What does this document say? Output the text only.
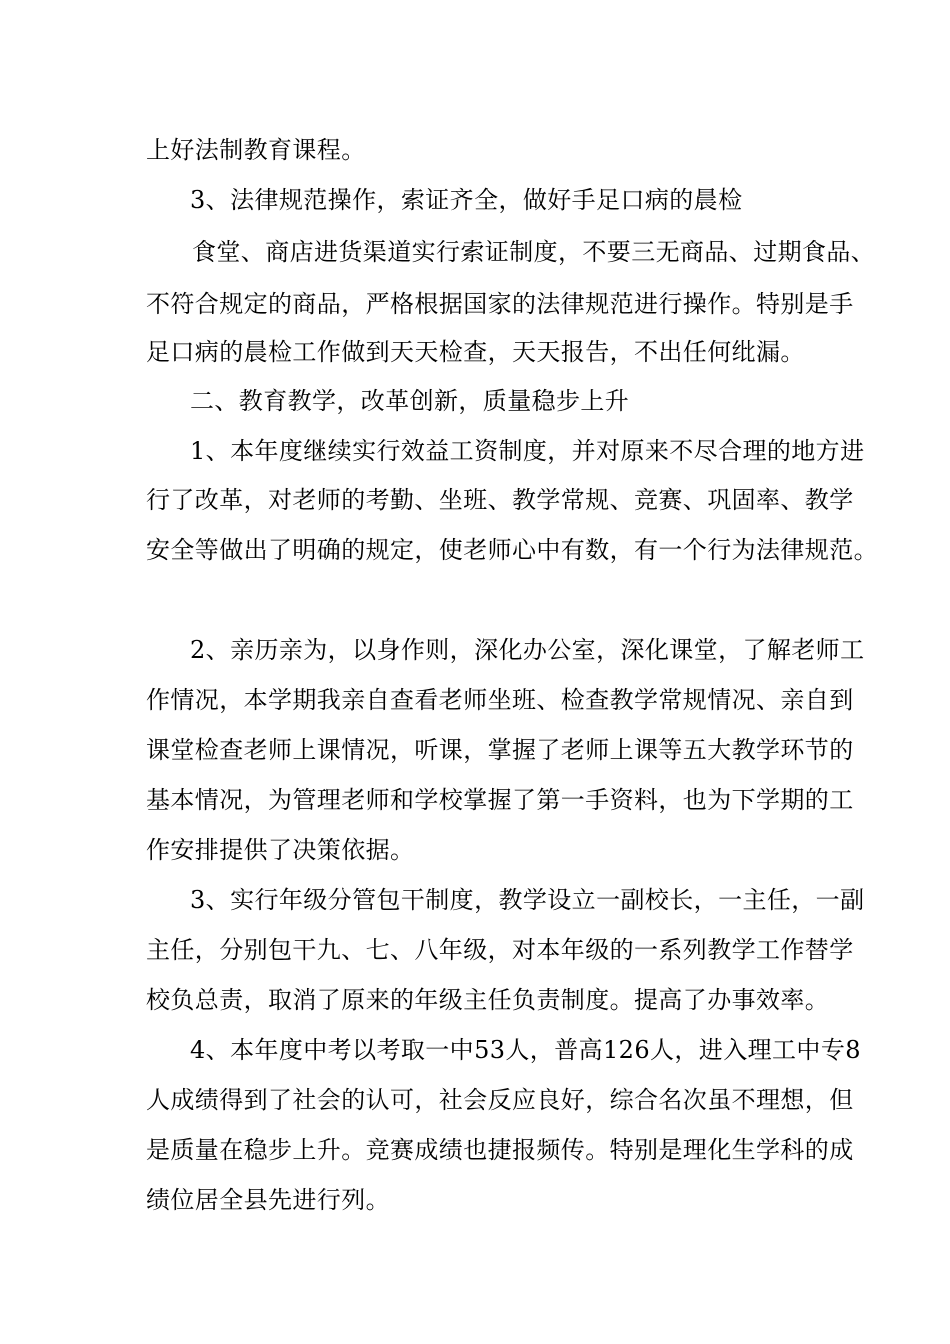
上好法制教育课程。
3、法律规范操作，索证齐全，做好手足口病的晨检
食堂、商店进货渠道实行索证制度，不要三无商品、过期食品、
不符合规定的商品，严格根据国家的法律规范进行操作。特别是手
足口病的晨检工作做到天天检查，天天报告，不出任何纰漏。
二、教育教学，改革创新，质量稳步上升
1、本年度继续实行效益工资制度，并对原来不尽合理的地方进
行了改革，对老师的考勤、坐班、教学常规、竞赛、巩固率、教学
安全等做出了明确的规定，使老师心中有数，有一个行为法律规范。
2、亲历亲为，以身作则，深化办公室，深化课堂，了解老师工
作情况，本学期我亲自查看老师坐班、检查教学常规情况、亲自到
课堂检查老师上课情况，听课，掌握了老师上课等五大教学环节的
基本情况，为管理老师和学校掌握了第一手资料，也为下学期的工
作安排提供了决策依据。
3、实行年级分管包干制度，教学设立一副校长，一主任，一副
主任，分别包干九、七、八年级，对本年级的一系列教学工作替学
校负总责，取消了原来的年级主任负责制度。提高了办事效率。
4、本年度中考以考取一中53人，普高126人，进入理工中专8
人成绩得到了社会的认可，社会反应良好，综合名次虽不理想，但
是质量在稳步上升。竞赛成绩也捷报频传。特别是理化生学科的成
绩位居全县先进行列。
